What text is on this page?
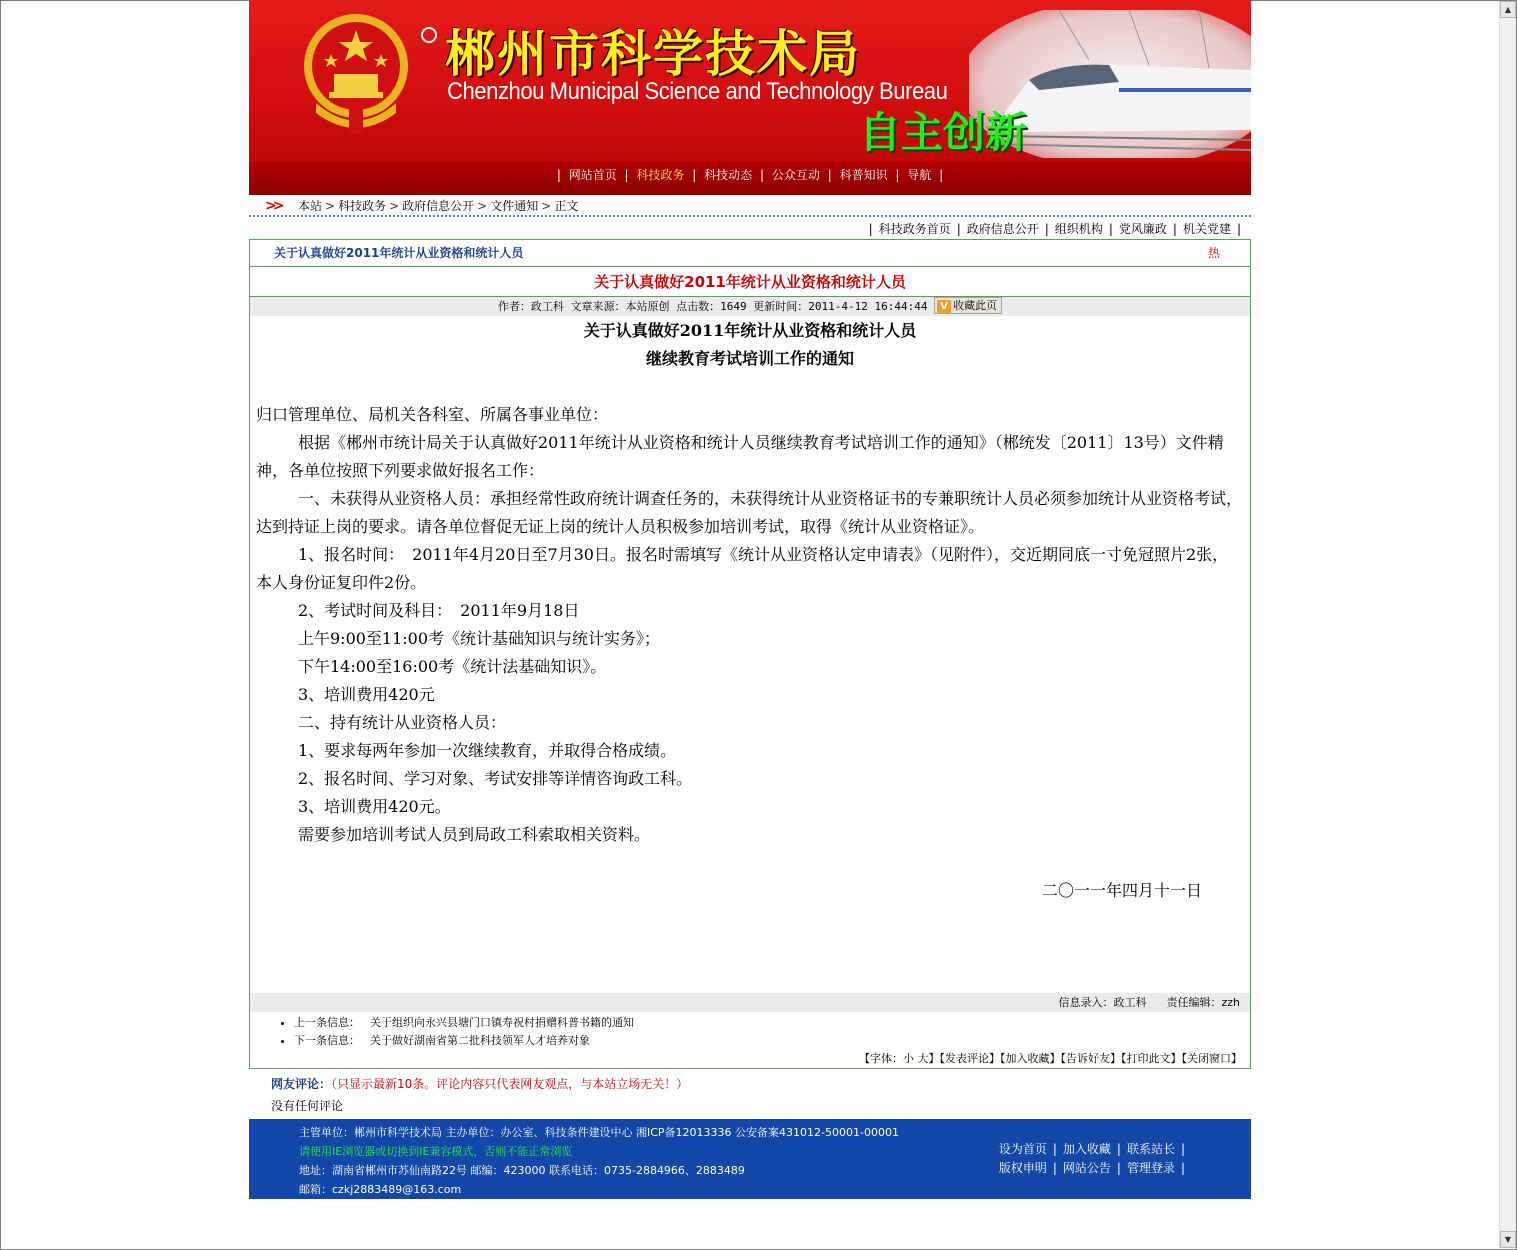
▲
▼
郴州市科学技术局
Chenzhou Municipal Science and Technology Bureau
自主创新
| 网站首页 | 科技政务 | 科技动态 | 公众互动 | 科普知识 | 导航 |
>> 本站 > 科技政务 > 政府信息公开 > 文件通知 > 正文
| 科技政务首页 | 政府信息公开 | 组织机构 | 党风廉政 | 机关党建 |
关于认真做好2011年统计从业资格和统计人员	热
关于认真做好2011年统计从业资格和统计人员
作者：政工科 文章来源：本站原创 点击数：1649 更新时间：2011-4-12 16:44:44 V 收藏此页
关于认真做好2011年统计从业资格和统计人员
继续教育考试培训工作的通知

归口管理单位、局机关各科室、所属各事业单位：

根据《郴州市统计局关于认真做好2011年统计从业资格和统计人员继续教育考试培训工作的通知》（郴统发〔2011〕13号）文件精神，各单位按照下列要求做好报名工作：

一、未获得从业资格人员：承担经常性政府统计调查任务的，未获得统计从业资格证书的专兼职统计人员必须参加统计从业资格考试，达到持证上岗的要求。请各单位督促无证上岗的统计人员积极参加培训考试，取得《统计从业资格证》。

1、报名时间：　2011年4月20日至7月30日。报名时需填写《统计从业资格认定申请表》（见附件），交近期同底一寸免冠照片2张，本人身份证复印件2份。

2、考试时间及科目：　2011年9月18日

上午9:00至11:00考《统计基础知识与统计实务》；

下午14:00至16:00考《统计法基础知识》。

3、培训费用420元

二、持有统计从业资格人员：

1、要求每两年参加一次继续教育，并取得合格成绩。

2、报名时间、学习对象、考试安排等详情咨询政工科。

3、培训费用420元。

需要参加培训考试人员到局政工科索取相关资料。

二〇一一年四月十一日
信息录入：政工科 责任编辑：zzh
• 上一条信息： 关于组织向永兴县塘门口镇寿祝村捐赠科普书籍的通知
• 下一条信息： 关于做好湖南省第二批科技领军人才培养对象
【字体：小 大】【发表评论】【加入收藏】【告诉好友】【打印此文】【关闭窗口】
网友评论：（只显示最新10条。评论内容只代表网友观点，与本站立场无关！）
没有任何评论
主管单位：郴州市科学技术局 主办单位：办公室、科技条件建设中心 湘ICP备12013336 公安备案431012-50001-00001
请使用IE浏览器或切换到IE兼容模式，否则不能正常浏览
地址：湖南省郴州市苏仙南路22号 邮编：423000 联系电话：0735-2884966、2883489
邮箱：czkj2883489@163.com
设为首页 | 加入收藏 | 联系站长 |
版权申明 | 网站公告 | 管理登录 |
